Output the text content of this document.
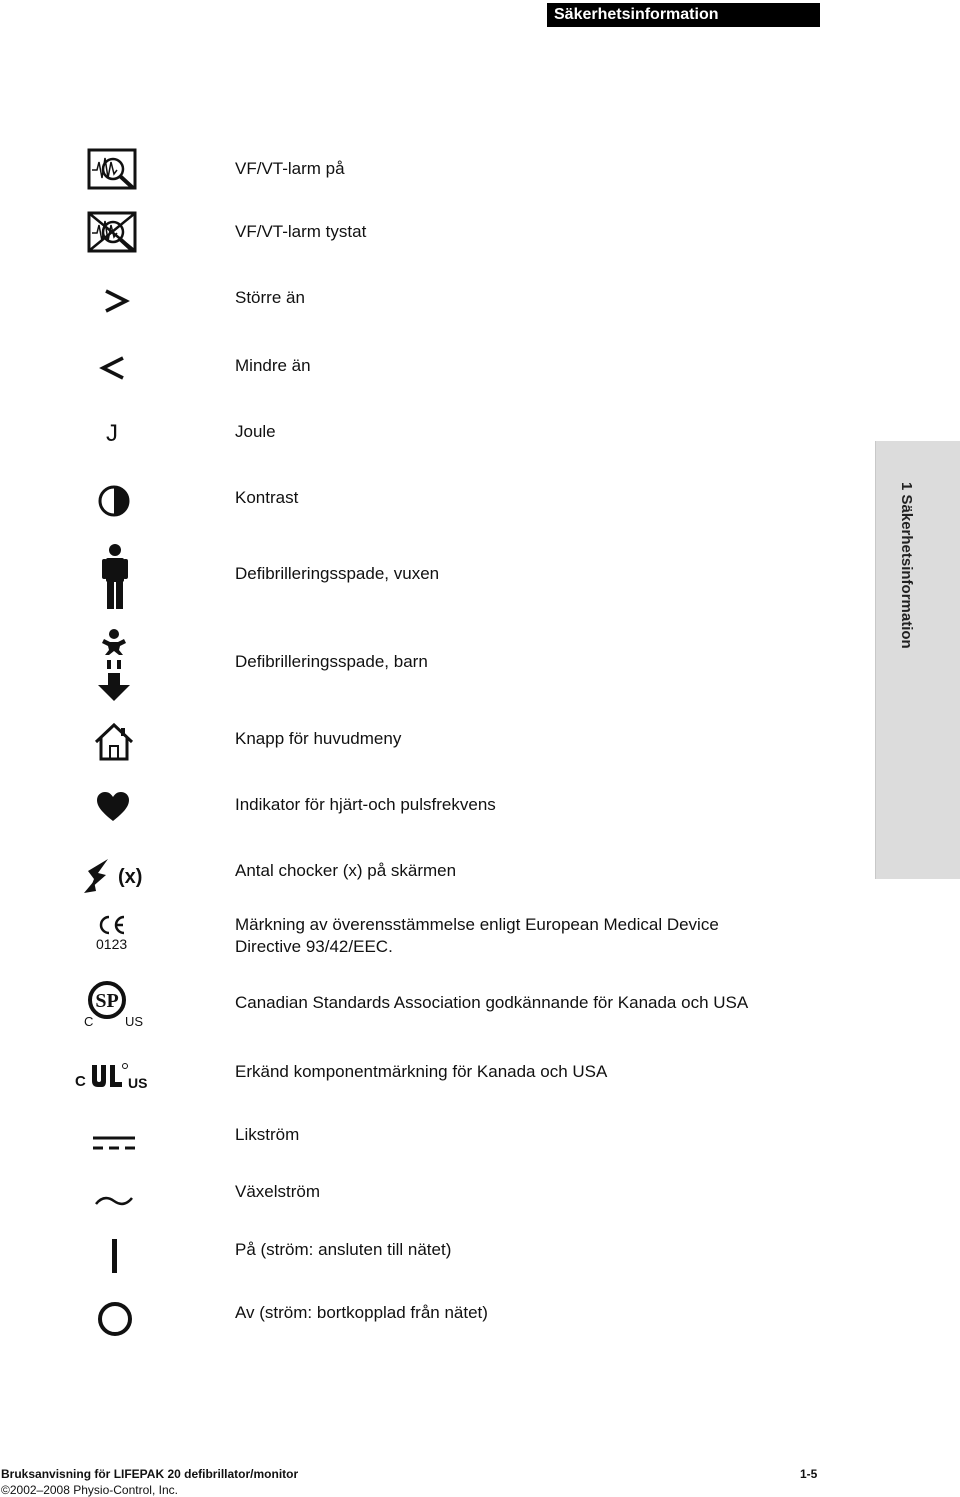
Säkerhetsinformation
1 Säkerhetsinformation
VF/VT-larm på
VF/VT-larm tystat
Större än
Mindre än
J	Joule
Kontrast
Defibrilleringsspade, vuxen
Defibrilleringsspade, barn
Knapp för huvudmeny
Indikator för hjärt-och pulsfrekvens
(x)	Antal chocker (x) på skärmen
0123
Märkning av överensstämmelse enligt European Medical Device
Directive 93/42/EEC.
SP
C US
Canadian Standards Association godkännande för Kanada och USA
C	US
Erkänd komponentmärkning för Kanada och USA
Likström
Växelström
På (ström: ansluten till nätet)
Av (ström: bortkopplad från nätet)
Bruksanvisning för LIFEPAK 20 defibrillator/monitor	1-5
©2002–2008 Physio-Control, Inc.
